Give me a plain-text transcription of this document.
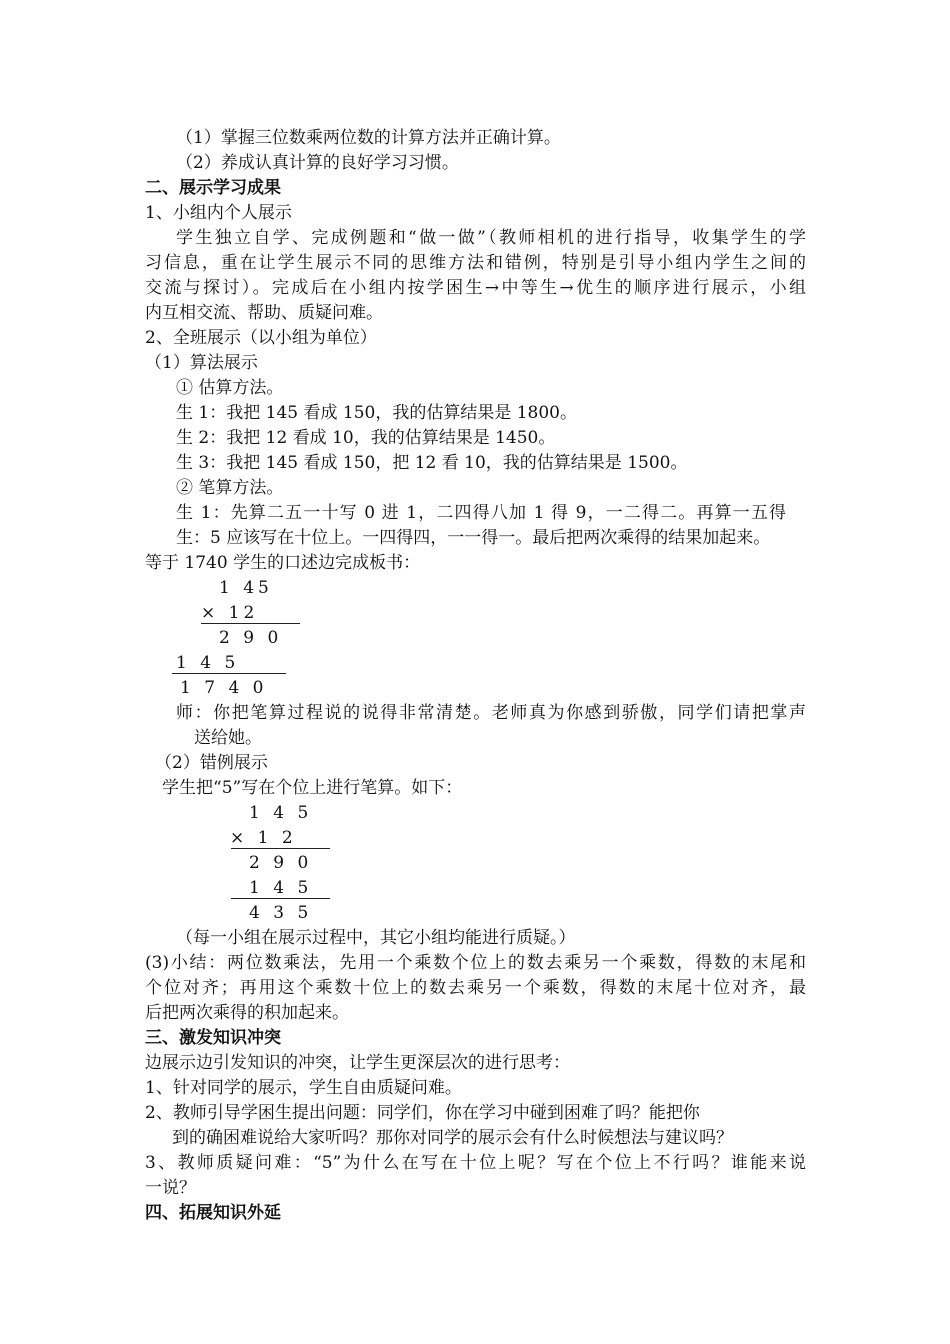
（1）掌握三位数乘两位数的计算方法并正确计算。
（2）养成认真计算的良好学习习惯。
二、展示学习成果
1、小组内个人展示
学生独立自学、完成例题和“做一做”（教师相机的进行指导，收集学生的学
习信息，重在让学生展示不同的思维方法和错例，特别是引导小组内学生之间的
交流与探讨）。完成后在小组内按学困生→中等生→优生的顺序进行展示，小组
内互相交流、帮助、质疑问难。
2、全班展示（以小组为单位）
（1）算法展示
① 估算方法。
生 1：我把 145 看成 150，我的估算结果是 1800。
生 2：我把 12 看成 10，我的估算结果是 1450。
生 3：我把 145 看成 150，把 12 看 10，我的估算结果是 1500。
② 笔算方法。
生 1：先算二五一十写 0 进 1，二四得八加 1 得 9，一二得二。再算一五得
生：5 应该写在十位上。一四得四，一一得一。最后把两次乘得的结果加起来。
等于 1740 学生的口述边完成板书：
1 45
× 12
2 9 0
1 4 5
1 7 4 0
师：你把笔算过程说的说得非常清楚。老师真为你感到骄傲，同学们请把掌声
送给她。
（2）错例展示
学生把“5”写在个位上进行笔算。如下：
1 4 5
× 1 2
2 9 0
1 4 5
4 3 5
（每一小组在展示过程中，其它小组均能进行质疑。）
(3)小结：两位数乘法，先用一个乘数个位上的数去乘另一个乘数，得数的末尾和
个位对齐；再用这个乘数十位上的数去乘另一个乘数，得数的末尾十位对齐，最
后把两次乘得的积加起来。
三、激发知识冲突
边展示边引发知识的冲突，让学生更深层次的进行思考：
1、针对同学的展示，学生自由质疑问难。
2、教师引导学困生提出问题：同学们，你在学习中碰到困难了吗？能把你
到的确困难说给大家听吗？那你对同学的展示会有什么时候想法与建议吗？
3、教师质疑问难：“5”为什么在写在十位上呢？写在个位上不行吗？谁能来说
一说？
四、拓展知识外延
